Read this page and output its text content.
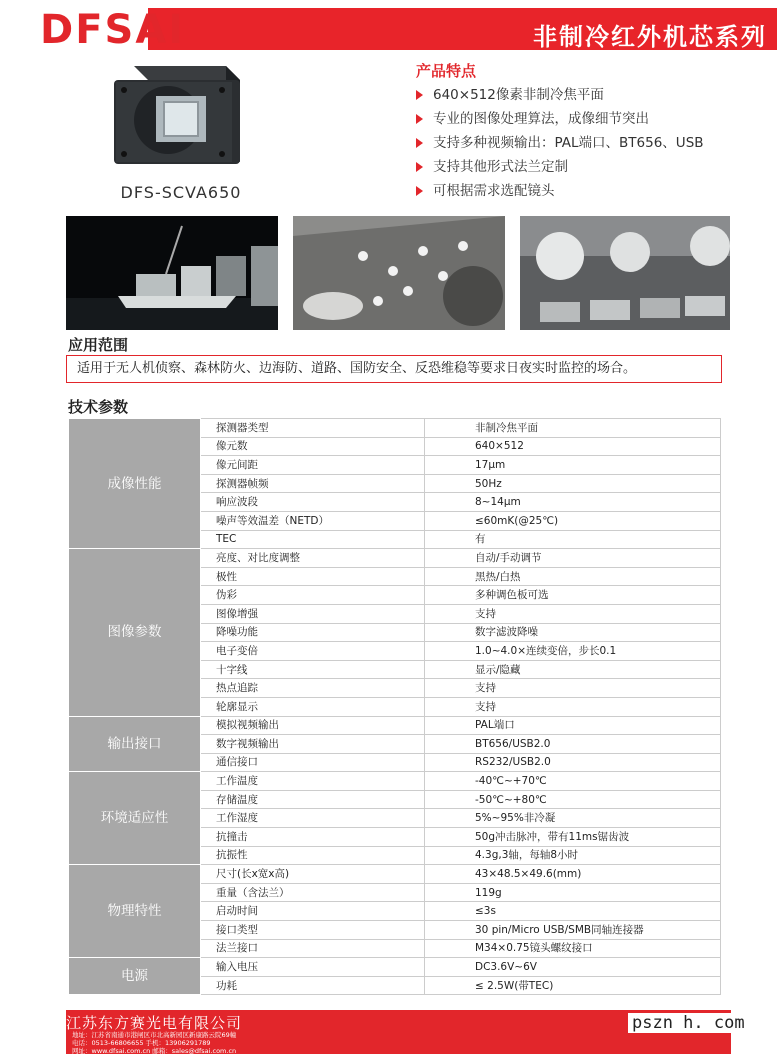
非制冷红外机芯系列
DFSAI
DFS-SCVA650
产品特点
640×512像素非制冷焦平面
专业的图像处理算法，成像细节突出
支持多种视频输出：PAL端口、BT656、USB
支持其他形式法兰定制
可根据需求选配镜头
应用范围
适用于无人机侦察、森林防火、边海防、道路、国防安全、反恐维稳等要求日夜实时监控的场合。
技术参数
成像性能	探测器类型	非制冷焦平面
	像元数	640×512
	像元间距	17μm
	探测器帧频	50Hz
	响应波段	8~14μm
	噪声等效温差（NETD）	≤60mK(@25℃)
	TEC	有
图像参数	亮度、对比度调整	自动/手动调节
	极性	黑热/白热
	伪彩	多种调色板可选
	图像增强	支持
	降噪功能	数字滤波降噪
	电子变倍	1.0~4.0×连续变倍，步长0.1
	十字线	显示/隐藏
	热点追踪	支持
	轮廓显示	支持
输出接口	模拟视频输出	PAL端口
	数字视频输出	BT656/USB2.0
	通信接口	RS232/USB2.0
环境适应性	工作温度	-40℃~+70℃
	存储温度	-50℃~+80℃
	工作湿度	5%~95%非冷凝
	抗撞击	50g冲击脉冲，带有11ms锯齿波
	抗振性	4.3g,3轴，每轴8小时
物理特性	尺寸(长x宽x高)	43×48.5×49.6(mm)
	重量（含法兰）	119g
	启动时间	≤3s
	接口类型	30 pin/Micro USB/SMB同轴连接器
	法兰接口	M34×0.75镜头螺纹接口
电源	输入电压	DC3.6V~6V
	功耗	≤ 2.5W(带TEC)
江苏东方赛光电有限公司
地址：江苏省南通市港闸区市北高新园区新康路云院69幢
电话：0513-66806655 手机：13906291789
网址：www.dfsai.com.cn 邮箱：sales@dfsai.com.cn
pszn h. com
